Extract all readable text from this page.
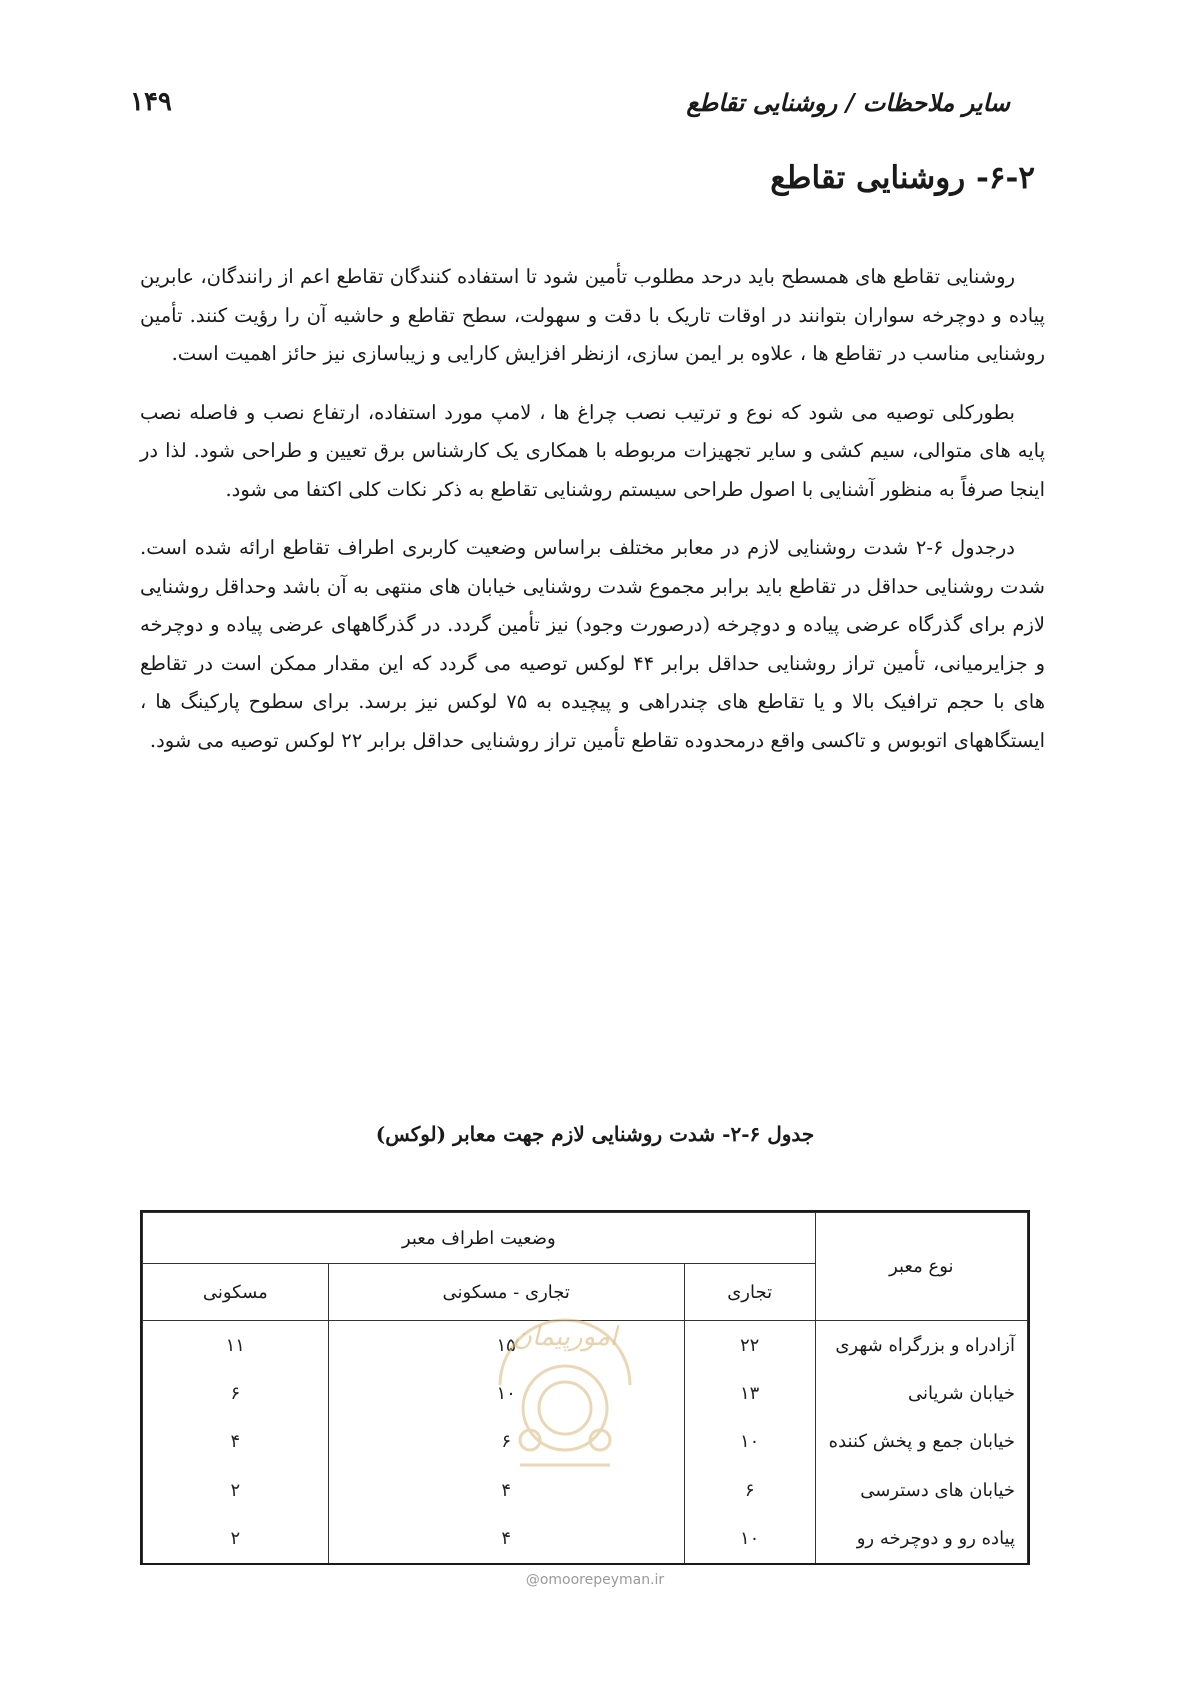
سایر ملاحظات / روشنایی تقاطع
۱۴۹
۶-۲- روشنایی تقاطع

روشنایی تقاطع های همسطح باید درحد مطلوب تأمین شود تا استفاده کنندگان تقاطع اعم از رانندگان، عابرین پیاده و دوچرخه سواران بتوانند در اوقات تاریک با دقت و سهولت، سطح تقاطع و حاشیه آن را رؤیت کنند. تأمین روشنایی مناسب در تقاطع ها ، علاوه بر ایمن سازی، ازنظر افزایش کارایی و زیباسازی نیز حائز اهمیت است.

بطورکلی توصیه می شود که نوع و ترتیب نصب چراغ ها ، لامپ مورد استفاده، ارتفاع نصب و فاصله نصب پایه های متوالی، سیم کشی و سایر تجهیزات مربوطه با همکاری یک کارشناس برق تعیین و طراحی شود. لذا در اینجا صرفاً به منظور آشنایی با اصول طراحی سیستم روشنایی تقاطع به ذکر نکات کلی اکتفا می شود.

درجدول ۶-۲ شدت روشنایی لازم در معابر مختلف براساس وضعیت کاربری اطراف تقاطع ارائه شده است. شدت روشنایی حداقل در تقاطع باید برابر مجموع شدت روشنایی خیابان های منتهی به آن باشد وحداقل روشنایی لازم برای گذرگاه عرضی پیاده و دوچرخه (درصورت وجود) نیز تأمین گردد. در گذرگاههای عرضی پیاده و دوچرخه و جزایرمیانی، تأمین تراز روشنایی حداقل برابر ۴۴ لوکس توصیه می گردد که این مقدار ممکن است در تقاطع های با حجم ترافیک بالا و یا تقاطع های چندراهی و پیچیده به ۷۵ لوکس نیز برسد. برای سطوح پارکینگ ها ، ایستگاههای اتوبوس و تاکسی واقع درمحدوده تقاطع تأمین تراز روشنایی حداقل برابر ۲۲ لوکس توصیه می شود.

جدول ۶-۲- شدت روشنایی لازم جهت معابر (لوکس)
نوع معبر	وضعیت اطراف معبر		
	تجاری	تجاری - مسکونی	مسکونی
آزادراه و بزرگراه شهری	۲۲	۱۵	۱۱
خیابان شریانی	۱۳	۱۰	۶
خیابان جمع و پخش کننده	۱۰	۶	۴
خیابان های دسترسی	۶	۴	۲
پیاده رو و دوچرخه رو	۱۰	۴	۲
امورپیمان
@omoorepeyman.ir
